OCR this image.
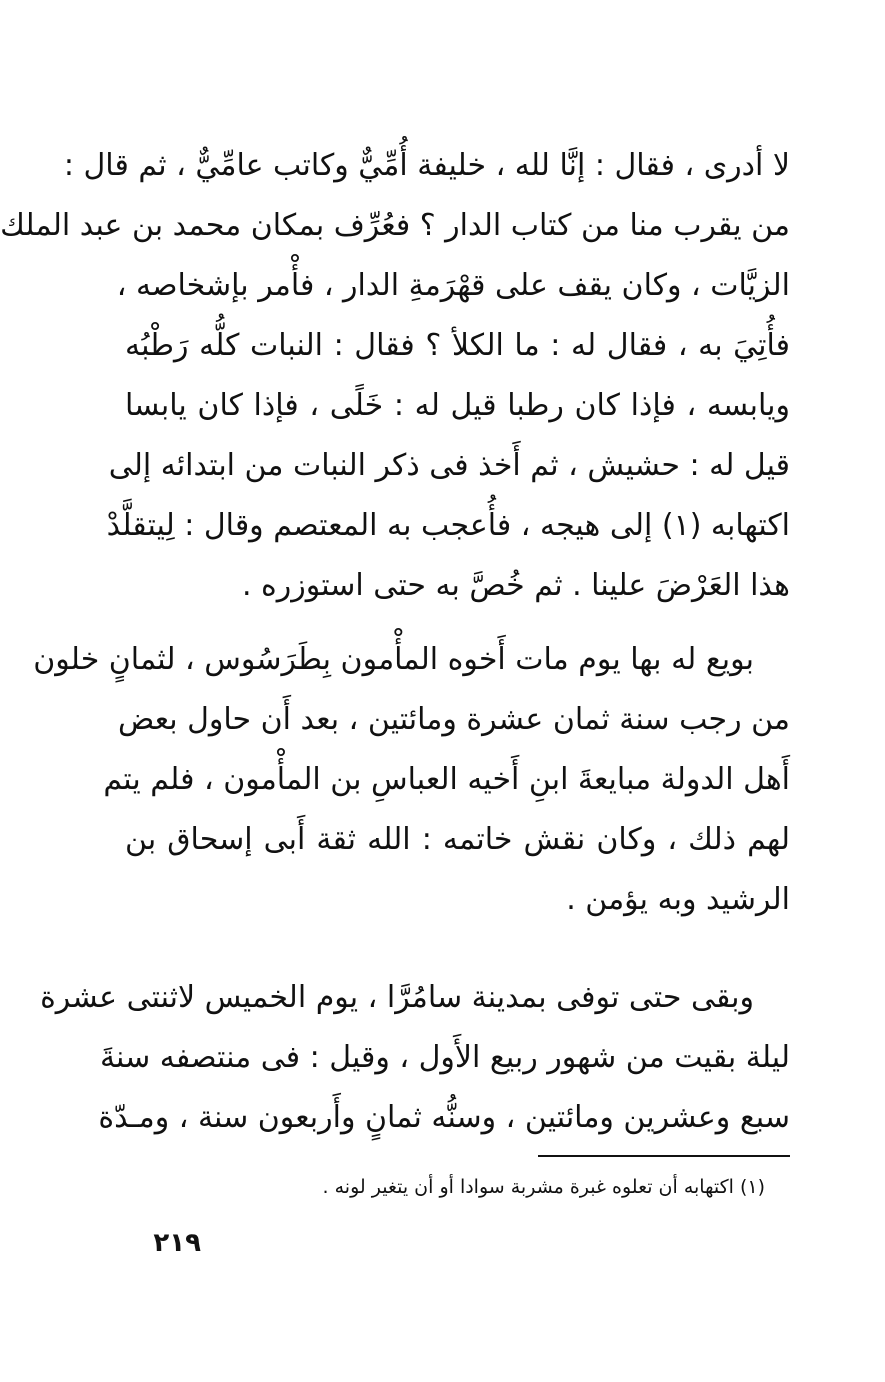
لا أدرى ، فقال : إنَّا لله ، خليفة أُمِّيٌّ وكاتب عامِّيٌّ ، ثم قال :
من يقرب منا من كتاب الدار ؟ فعُرِّف بمكان محمد بن عبد الملك
الزيَّات ، وكان يقف على قهْرَمةِ الدار ، فأْمر بإشخاصه ،
فأُتِيَ به ، فقال له : ما الكلأ ؟ فقال : النبات كلُّه رَطْبُه
ويابسه ، فإذا كان رطبا قيل له : خَلًى ، فإذا كان يابسا
قيل له : حشيش ، ثم أَخذ فى ذكر النبات من ابتدائه إلى
اكتهابه (١) إلى هيجه ، فأُعجب به المعتصم وقال : لِيتقلَّدْ
هذا العَرْضَ علينا . ثم خُصَّ به حتى استوزره .
بويع له بها يوم مات أَخوه المأْمون بِطَرَسُوس ، لثمانٍ خلون
من رجب سنة ثمان عشرة ومائتين ، بعد أَن حاول بعض
أَهل الدولة مبايعةَ ابنِ أَخيه العباسِ بن المأْمون ، فلم يتم
لهم ذلك ، وكان نقش خاتمه : الله ثقة أَبى إسحاق بن
الرشيد وبه يؤمن .
وبقى حتى توفى بمدينة سامُرَّا ، يوم الخميس لاثنتى عشرة
ليلة بقيت من شهور ربيع الأَول ، وقيل : فى منتصفه سنةَ
سبع وعشرين ومائتين ، وسنُّه ثمانٍ وأَربعون سنة ، ومـدّة
(١) اكتهابه أن تعلوه غبرة مشربة سوادا أو أن يتغير لونه .
٢١٩
